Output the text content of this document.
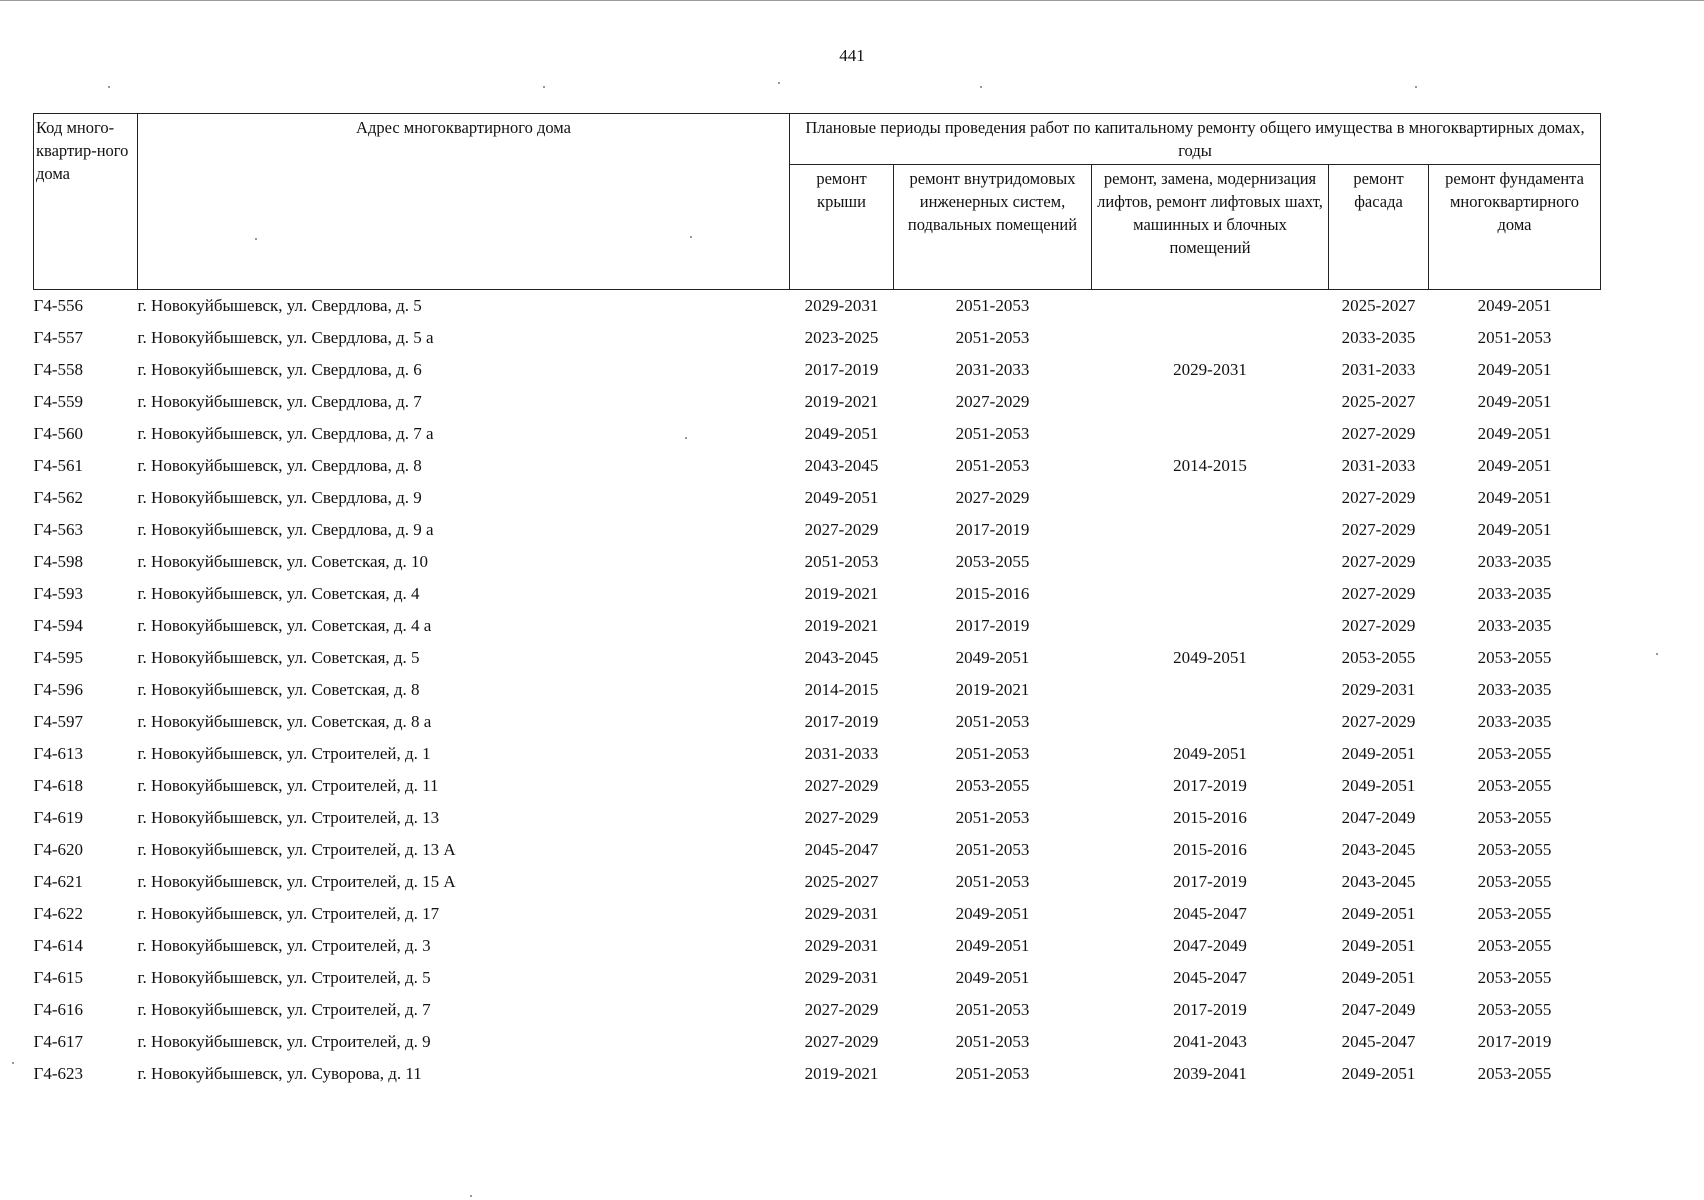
441
Код много-квартир-ного дома	Адрес многоквартирного дома	Плановые периоды проведения работ по капитальному ремонту общего имущества в многоквартирных домах, годы				
		ремонт крыши	ремонт внутридомовых инженерных систем, подвальных помещений	ремонт, замена, модернизация лифтов, ремонт лифтовых шахт, машинных и блочных помещений	ремонт фасада	ремонт фундамента многоквартирного дома
Г4-556	г. Новокуйбышевск, ул. Свердлова, д. 5	2029-2031	2051-2053		2025-2027	2049-2051
Г4-557	г. Новокуйбышевск, ул. Свердлова, д. 5 а	2023-2025	2051-2053		2033-2035	2051-2053
Г4-558	г. Новокуйбышевск, ул. Свердлова, д. 6	2017-2019	2031-2033	2029-2031	2031-2033	2049-2051
Г4-559	г. Новокуйбышевск, ул. Свердлова, д. 7	2019-2021	2027-2029		2025-2027	2049-2051
Г4-560	г. Новокуйбышевск, ул. Свердлова, д. 7 а	2049-2051	2051-2053		2027-2029	2049-2051
Г4-561	г. Новокуйбышевск, ул. Свердлова, д. 8	2043-2045	2051-2053	2014-2015	2031-2033	2049-2051
Г4-562	г. Новокуйбышевск, ул. Свердлова, д. 9	2049-2051	2027-2029		2027-2029	2049-2051
Г4-563	г. Новокуйбышевск, ул. Свердлова, д. 9 а	2027-2029	2017-2019		2027-2029	2049-2051
Г4-598	г. Новокуйбышевск, ул. Советская, д. 10	2051-2053	2053-2055		2027-2029	2033-2035
Г4-593	г. Новокуйбышевск, ул. Советская, д. 4	2019-2021	2015-2016		2027-2029	2033-2035
Г4-594	г. Новокуйбышевск, ул. Советская, д. 4 а	2019-2021	2017-2019		2027-2029	2033-2035
Г4-595	г. Новокуйбышевск, ул. Советская, д. 5	2043-2045	2049-2051	2049-2051	2053-2055	2053-2055
Г4-596	г. Новокуйбышевск, ул. Советская, д. 8	2014-2015	2019-2021		2029-2031	2033-2035
Г4-597	г. Новокуйбышевск, ул. Советская, д. 8 а	2017-2019	2051-2053		2027-2029	2033-2035
Г4-613	г. Новокуйбышевск, ул. Строителей, д. 1	2031-2033	2051-2053	2049-2051	2049-2051	2053-2055
Г4-618	г. Новокуйбышевск, ул. Строителей, д. 11	2027-2029	2053-2055	2017-2019	2049-2051	2053-2055
Г4-619	г. Новокуйбышевск, ул. Строителей, д. 13	2027-2029	2051-2053	2015-2016	2047-2049	2053-2055
Г4-620	г. Новокуйбышевск, ул. Строителей, д. 13 А	2045-2047	2051-2053	2015-2016	2043-2045	2053-2055
Г4-621	г. Новокуйбышевск, ул. Строителей, д. 15 А	2025-2027	2051-2053	2017-2019	2043-2045	2053-2055
Г4-622	г. Новокуйбышевск, ул. Строителей, д. 17	2029-2031	2049-2051	2045-2047	2049-2051	2053-2055
Г4-614	г. Новокуйбышевск, ул. Строителей, д. 3	2029-2031	2049-2051	2047-2049	2049-2051	2053-2055
Г4-615	г. Новокуйбышевск, ул. Строителей, д. 5	2029-2031	2049-2051	2045-2047	2049-2051	2053-2055
Г4-616	г. Новокуйбышевск, ул. Строителей, д. 7	2027-2029	2051-2053	2017-2019	2047-2049	2053-2055
Г4-617	г. Новокуйбышевск, ул. Строителей, д. 9	2027-2029	2051-2053	2041-2043	2045-2047	2017-2019
Г4-623	г. Новокуйбышевск, ул. Суворова, д. 11	2019-2021	2051-2053	2039-2041	2049-2051	2053-2055
